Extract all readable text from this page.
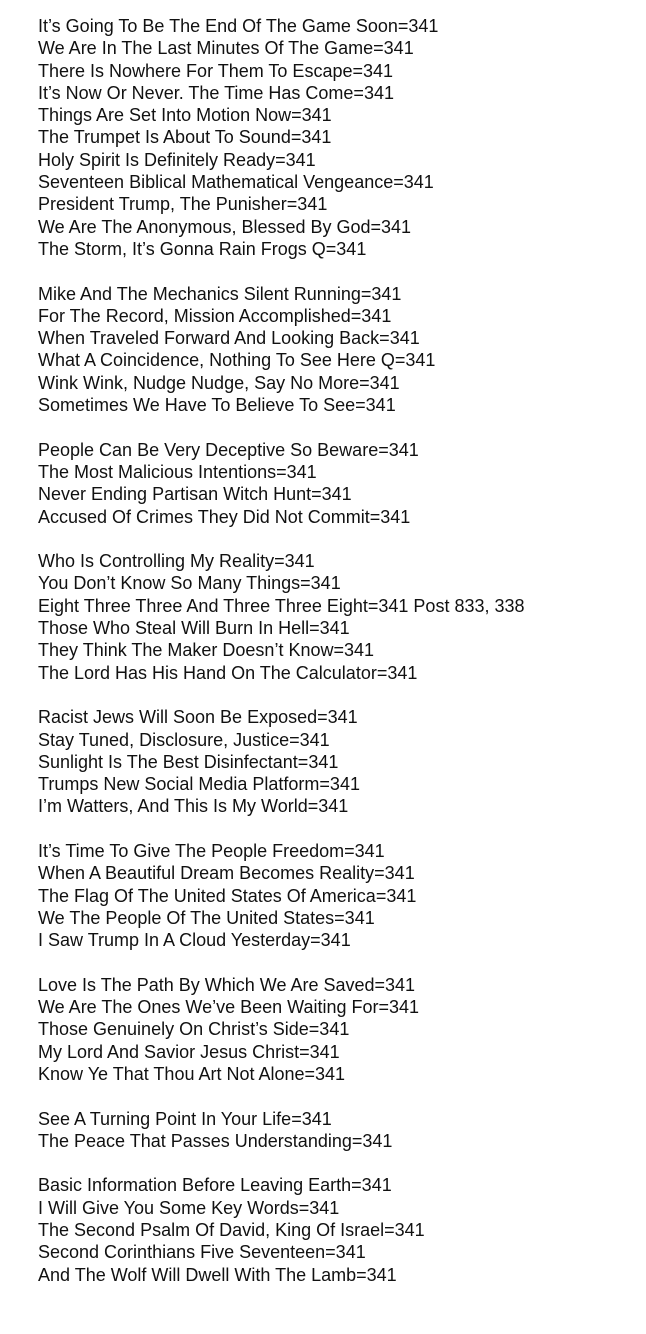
It’s Going To Be The End Of The Game Soon=341
We Are In The Last Minutes Of The Game=341
There Is Nowhere For Them To Escape=341
It’s Now Or Never. The Time Has Come=341
Things Are Set Into Motion Now=341
The Trumpet Is About To Sound=341
Holy Spirit Is Definitely Ready=341
Seventeen Biblical Mathematical Vengeance=341
President Trump, The Punisher=341
We Are The Anonymous, Blessed By God=341
The Storm, It’s Gonna Rain Frogs Q=341
Mike And The Mechanics Silent Running=341
For The Record, Mission Accomplished=341
When Traveled Forward And Looking Back=341
What A Coincidence, Nothing To See Here Q=341
Wink Wink, Nudge Nudge, Say No More=341
Sometimes We Have To Believe To See=341
People Can Be Very Deceptive So Beware=341
The Most Malicious Intentions=341
Never Ending Partisan Witch Hunt=341
Accused Of Crimes They Did Not Commit=341
Who Is Controlling My Reality=341
You Don’t Know So Many Things=341
Eight Three Three And Three Three Eight=341 Post 833, 338
Those Who Steal Will Burn In Hell=341
They Think The Maker Doesn’t Know=341
The Lord Has His Hand On The Calculator=341
Racist Jews Will Soon Be Exposed=341
Stay Tuned, Disclosure, Justice=341
Sunlight Is The Best Disinfectant=341
Trumps New Social Media Platform=341
I’m Watters, And This Is My World=341
It’s Time To Give The People Freedom=341
When A Beautiful Dream Becomes Reality=341
The Flag Of The United States Of America=341
We The People Of The United States=341
I Saw Trump In A Cloud Yesterday=341
Love Is The Path By Which We Are Saved=341
We Are The Ones We’ve Been Waiting For=341
Those Genuinely On Christ’s Side=341
My Lord And Savior Jesus Christ=341
Know Ye That Thou Art Not Alone=341
See A Turning Point In Your Life=341
The Peace That Passes Understanding=341
Basic Information Before Leaving Earth=341
I Will Give You Some Key Words=341
The Second Psalm Of David, King Of Israel=341
Second Corinthians Five Seventeen=341
And The Wolf Will Dwell With The Lamb=341
